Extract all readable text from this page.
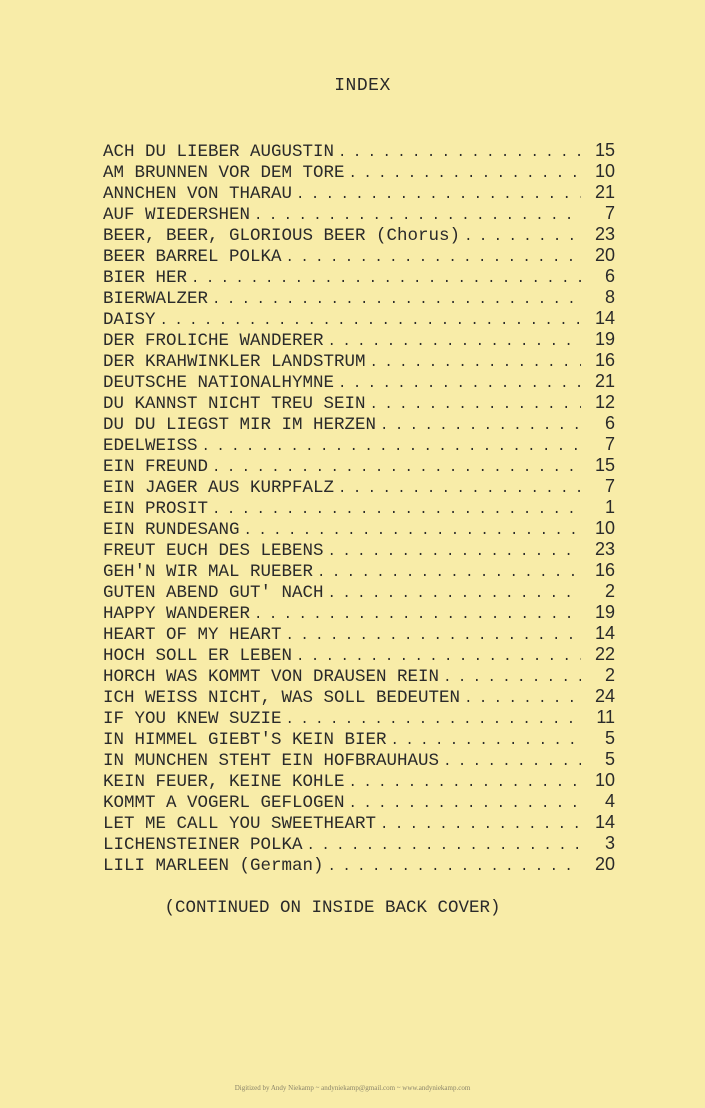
INDEX
ACH DU LIEBER AUGUSTIN . . .	15
AM BRUNNEN VOR DEM TORE . . .	10
ANNCHEN VON THARAU . . .	21
AUF WIEDERSHEN . . .	7
BEER, BEER, GLORIOUS BEER (Chorus) . . .	23
BEER BARREL POLKA . . .	20
BIER HER . . .	6
BIERWALZER . . .	8
DAISY . . .	14
DER FROLICHE WANDERER . . .	19
DER KRAHWINKLER LANDSTRUM . . .	16
DEUTSCHE NATIONALHYMNE . . .	21
DU KANNST NICHT TREU SEIN . . .	12
DU DU LIEGST MIR IM HERZEN . . .	6
EDELWEISS . . .	7
EIN FREUND . . .	15
EIN JAGER AUS KURPFALZ . . .	7
EIN PROSIT . . .	1
EIN RUNDESANG . . .	10
FREUT EUCH DES LEBENS . . .	23
GEH'N WIR MAL RUEBER . . .	16
GUTEN ABEND GUT' NACH . . .	2
HAPPY WANDERER . . .	19
HEART OF MY HEART . . .	14
HOCH SOLL ER LEBEN . . .	22
HORCH WAS KOMMT VON DRAUSEN REIN . . .	2
ICH WEISS NICHT, WAS SOLL BEDEUTEN . . .	24
IF YOU KNEW SUZIE . . .	11
IN HIMMEL GIEBT'S KEIN BIER . . .	5
IN MUNCHEN STEHT EIN HOFBRAUHAUS . . .	5
KEIN FEUER, KEINE KOHLE . . .	10
KOMMT A VOGERL GEFLOGEN . . .	4
LET ME CALL YOU SWEETHEART . . .	14
LICHENSTEINER POLKA . . .	3
LILI MARLEEN (German) . . .	20
(CONTINUED ON INSIDE BACK COVER)
Digitized by Andy Niekamp ~ andyniekamp@gmail.com ~ www.andyniekamp.com
